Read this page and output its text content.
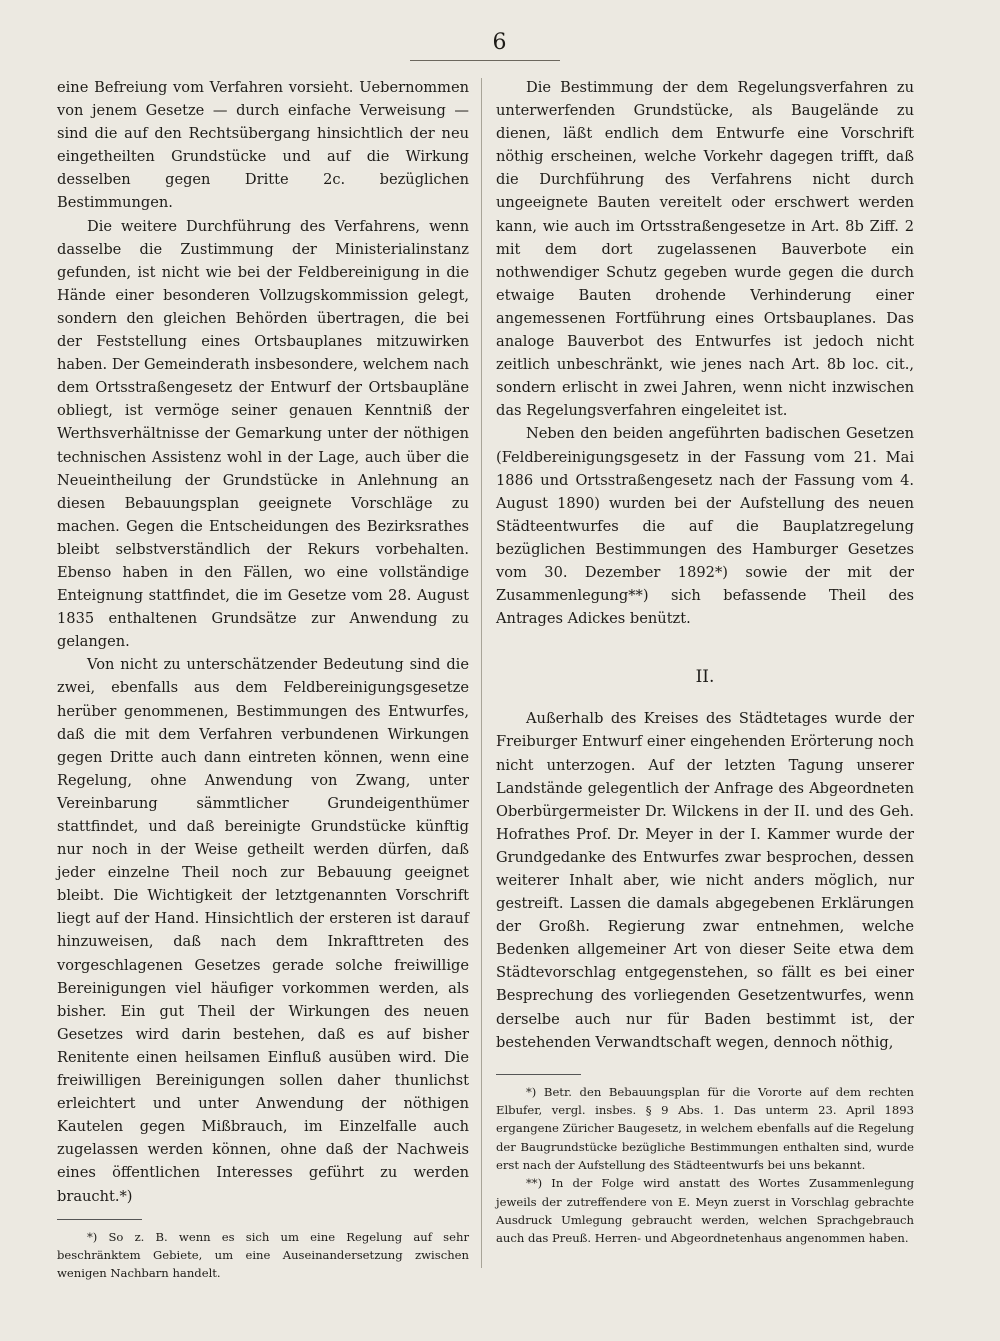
6

eine Befreiung vom Verfahren vorsieht. Uebernommen von jenem Gesetze — durch einfache Verweisung — sind die auf den Rechtsübergang hinsichtlich der neu eingetheilten Grundstücke und auf die Wirkung desselben gegen Dritte 2c. bezüglichen Bestimmungen.

Die weitere Durchführung des Verfahrens, wenn dasselbe die Zustimmung der Ministerialinstanz gefunden, ist nicht wie bei der Feldbereinigung in die Hände einer besonderen Vollzugskommission gelegt, sondern den gleichen Behörden übertragen, die bei der Feststellung eines Ortsbauplanes mitzuwirken haben. Der Gemeinderath insbesondere, welchem nach dem Ortsstraßengesetz der Entwurf der Ortsbaupläne obliegt, ist vermöge seiner genauen Kenntniß der Werthsverhältnisse der Gemarkung unter der nöthigen technischen Assistenz wohl in der Lage, auch über die Neueintheilung der Grundstücke in Anlehnung an diesen Bebauungsplan geeignete Vorschläge zu machen. Gegen die Entscheidungen des Bezirksrathes bleibt selbstverständlich der Rekurs vorbehalten. Ebenso haben in den Fällen, wo eine vollständige Enteignung stattfindet, die im Gesetze vom 28. August 1835 enthaltenen Grundsätze zur Anwendung zu gelangen.

Von nicht zu unterschätzender Bedeutung sind die zwei, ebenfalls aus dem Feldbereinigungsgesetze herüber genommenen, Bestimmungen des Entwurfes, daß die mit dem Verfahren verbundenen Wirkungen gegen Dritte auch dann eintreten können, wenn eine Regelung, ohne Anwendung von Zwang, unter Vereinbarung sämmtlicher Grundeigenthümer stattfindet, und daß bereinigte Grundstücke künftig nur noch in der Weise getheilt werden dürfen, daß jeder einzelne Theil noch zur Bebauung geeignet bleibt. Die Wichtigkeit der letztgenannten Vorschrift liegt auf der Hand. Hinsichtlich der ersteren ist darauf hinzuweisen, daß nach dem Inkrafttreten des vorgeschlagenen Gesetzes gerade solche freiwillige Bereinigungen viel häufiger vorkommen werden, als bisher. Ein gut Theil der Wirkungen des neuen Gesetzes wird darin bestehen, daß es auf bisher Renitente einen heilsamen Einfluß ausüben wird. Die freiwilligen Bereinigungen sollen daher thunlichst erleichtert und unter Anwendung der nöthigen Kautelen gegen Mißbrauch, im Einzelfalle auch zugelassen werden können, ohne daß der Nachweis eines öffentlichen Interesses geführt zu werden braucht.*)

*) So z. B. wenn es sich um eine Regelung auf sehr beschränktem Gebiete, um eine Auseinandersetzung zwischen wenigen Nachbarn handelt.

Die Bestimmung der dem Regelungsverfahren zu unterwerfenden Grundstücke, als Baugelände zu dienen, läßt endlich dem Entwurfe eine Vorschrift nöthig erscheinen, welche Vorkehr dagegen trifft, daß die Durchführung des Verfahrens nicht durch ungeeignete Bauten vereitelt oder erschwert werden kann, wie auch im Ortsstraßengesetze in Art. 8b Ziff. 2 mit dem dort zugelassenen Bauverbote ein nothwendiger Schutz gegeben wurde gegen die durch etwaige Bauten drohende Verhinderung einer angemessenen Fortführung eines Ortsbauplanes. Das analoge Bauverbot des Entwurfes ist jedoch nicht zeitlich unbeschränkt, wie jenes nach Art. 8b loc. cit., sondern erlischt in zwei Jahren, wenn nicht inzwischen das Regelungsverfahren eingeleitet ist.

Neben den beiden angeführten badischen Gesetzen (Feldbereinigungsgesetz in der Fassung vom 21. Mai 1886 und Ortsstraßengesetz nach der Fassung vom 4. August 1890) wurden bei der Aufstellung des neuen Städteentwurfes die auf die Bauplatzregelung bezüglichen Bestimmungen des Hamburger Gesetzes vom 30. Dezember 1892*) sowie der mit der Zusammenlegung**) sich befassende Theil des Antrages Adickes benützt.

II.

Außerhalb des Kreises des Städtetages wurde der Freiburger Entwurf einer eingehenden Erörterung noch nicht unterzogen. Auf der letzten Tagung unserer Landstände gelegentlich der Anfrage des Abgeordneten Oberbürgermeister Dr. Wilckens in der II. und des Geh. Hofrathes Prof. Dr. Meyer in der I. Kammer wurde der Grundgedanke des Entwurfes zwar besprochen, dessen weiterer Inhalt aber, wie nicht anders möglich, nur gestreift. Lassen die damals abgegebenen Erklärungen der Großh. Regierung zwar entnehmen, welche Bedenken allgemeiner Art von dieser Seite etwa dem Städtevorschlag entgegenstehen, so fällt es bei einer Besprechung des vorliegenden Gesetzentwurfes, wenn derselbe auch nur für Baden bestimmt ist, der bestehenden Verwandtschaft wegen, dennoch nöthig,

*) Betr. den Bebauungsplan für die Vororte auf dem rechten Elbufer, vergl. insbes. § 9 Abs. 1. Das unterm 23. April 1893 ergangene Züricher Baugesetz, in welchem ebenfalls auf die Regelung der Baugrundstücke bezügliche Bestimmungen enthalten sind, wurde erst nach der Aufstellung des Städteentwurfs bei uns bekannt.

**) In der Folge wird anstatt des Wortes Zusammenlegung jeweils der zutreffendere von E. Meyn zuerst in Vorschlag gebrachte Ausdruck Umlegung gebraucht werden, welchen Sprachgebrauch auch das Preuß. Herren- und Abgeordnetenhaus angenommen haben.
